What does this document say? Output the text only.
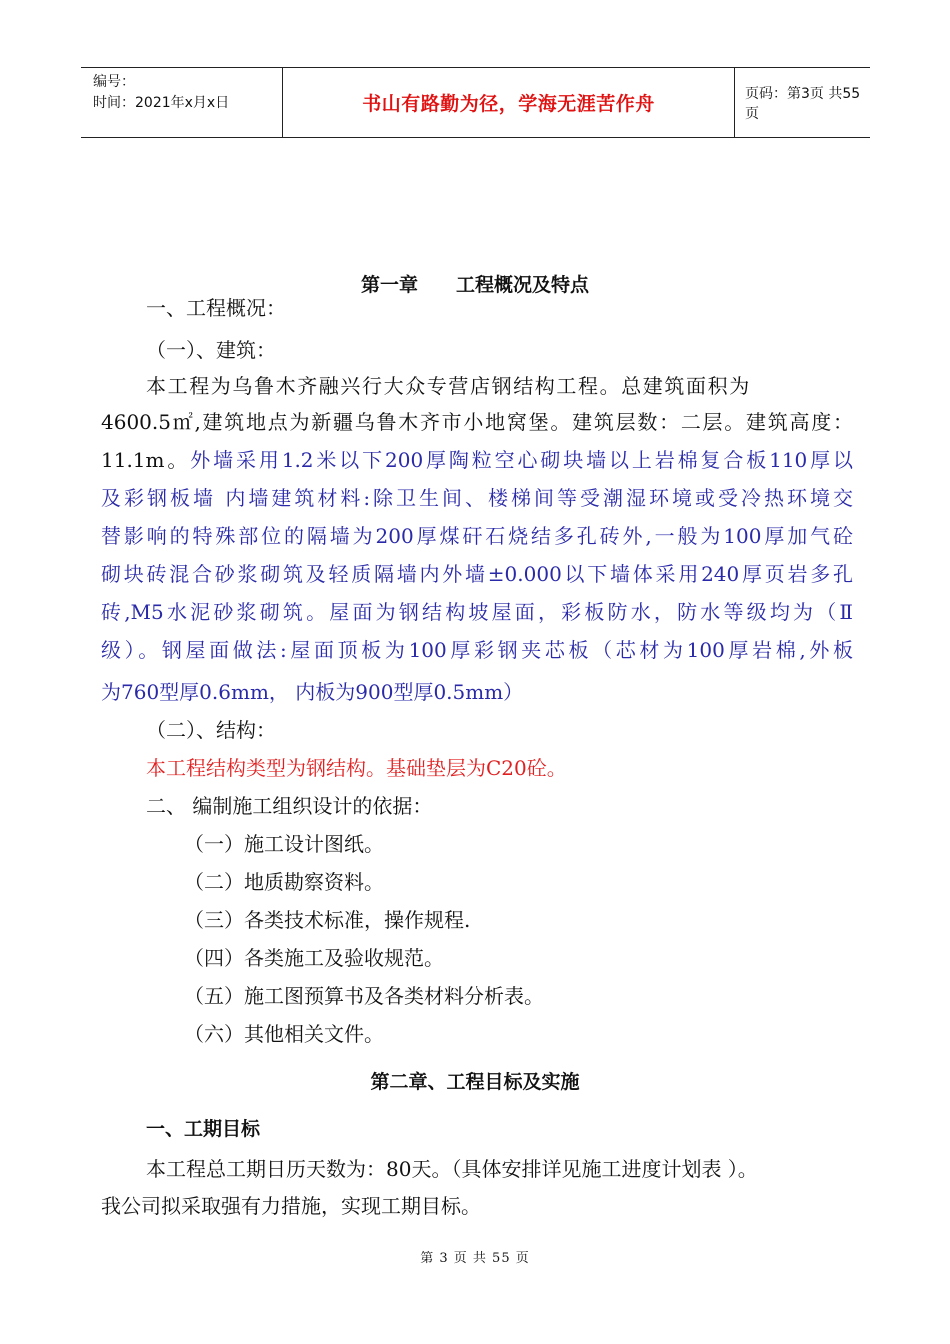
编号：
时间：2021年x月x日	书山有路勤为径，学海无涯苦作舟	页码：第3页 共55页
第一章　　工程概况及特点
一、工程概况：
（一）、建筑：
本工程为乌鲁木齐融兴行大众专营店钢结构工程。总建筑面积为
4600.5㎡,建筑地点为新疆乌鲁木齐市小地窝堡。建筑层数：二层。建筑高度：
11.1m。外墙采用1.2米以下200厚陶粒空心砌块墙以上岩棉复合板110厚以
及彩钢板墙 内墙建筑材料:除卫生间、楼梯间等受潮湿环境或受冷热环境交
替影响的特殊部位的隔墙为200厚煤矸石烧结多孔砖外,一般为100厚加气砼
砌块砖混合砂浆砌筑及轻质隔墙内外墙±0.000以下墙体采用240厚页岩多孔
砖,M5水泥砂浆砌筑。屋面为钢结构坡屋面，彩板防水，防水等级均为（Ⅱ
级）。钢屋面做法:屋面顶板为100厚彩钢夹芯板（芯材为100厚岩棉,外板
为760型厚0.6mm， 内板为900型厚0.5mm）
（二）、结构：
本工程结构类型为钢结构。基础垫层为C20砼。
二、 编制施工组织设计的依据：
（一）施工设计图纸。
（二）地质勘察资料。
（三）各类技术标准，操作规程.
（四）各类施工及验收规范。
（五）施工图预算书及各类材料分析表。
（六）其他相关文件。
第二章、工程目标及实施
一、工期目标
本工程总工期日历天数为：80天。（具体安排详见施工进度计划表 ）。
我公司拟采取强有力措施，实现工期目标。
第 3 页 共 55 页
